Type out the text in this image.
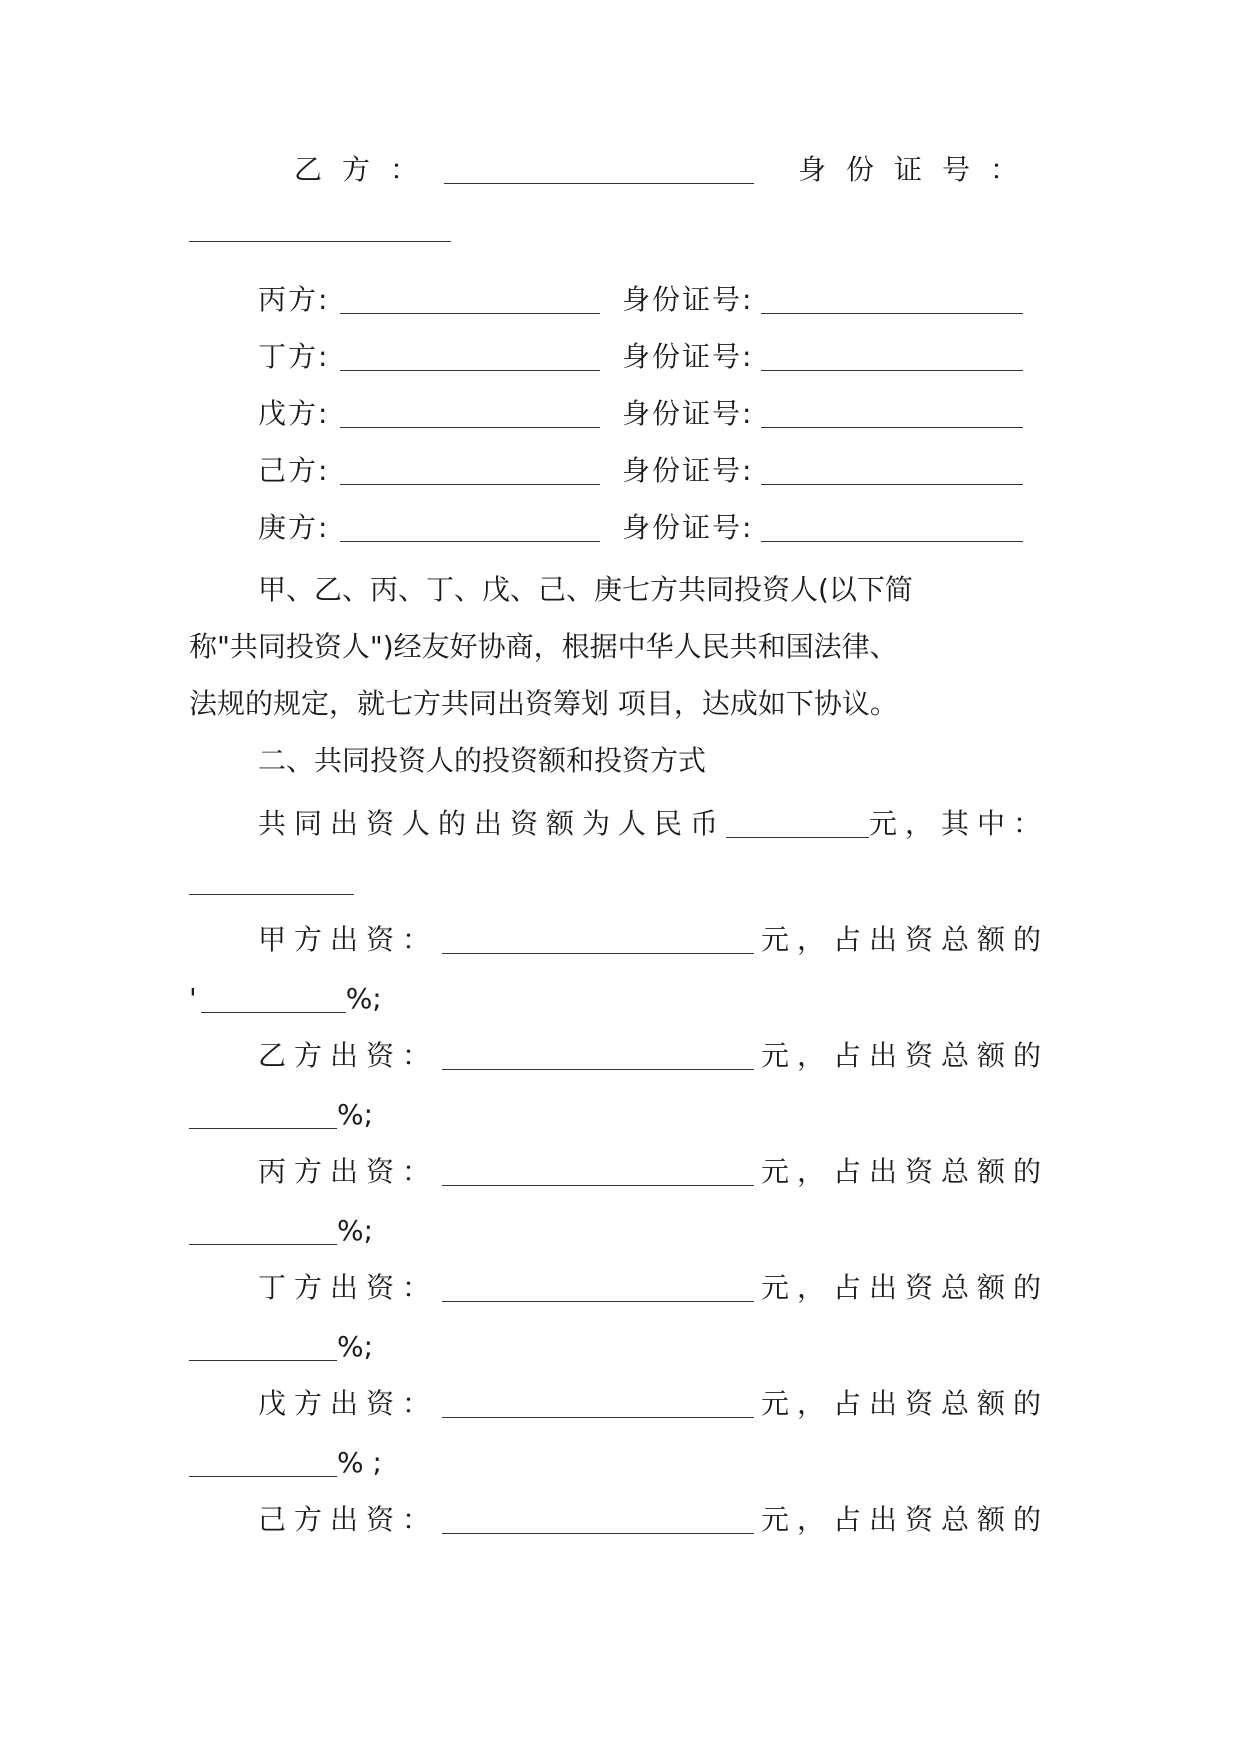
乙方：	身份证号：
丙方:	身份证号:
丁方:	身份证号:
戊方:	身份证号:
己方:	身份证号:
庚方:	身份证号:
甲、乙、丙、丁、戊、己、庚七方共同投资人(以下简
称"共同投资人")经友好协商，根据中华人民共和国法律、
法规的规定，就七方共同出资筹划 项目，达成如下协议。
二、共同投资人的投资额和投资方式
共同出资人的出资额为人民币	元，其中：
甲方出资：	元，占出资总额的
'	%;
乙方出资：	元，占出资总额的
%;
丙方出资：	元，占出资总额的
%;
丁方出资：	元，占出资总额的
%;
戊方出资：	元，占出资总额的
% ;
己方出资：	元，占出资总额的
